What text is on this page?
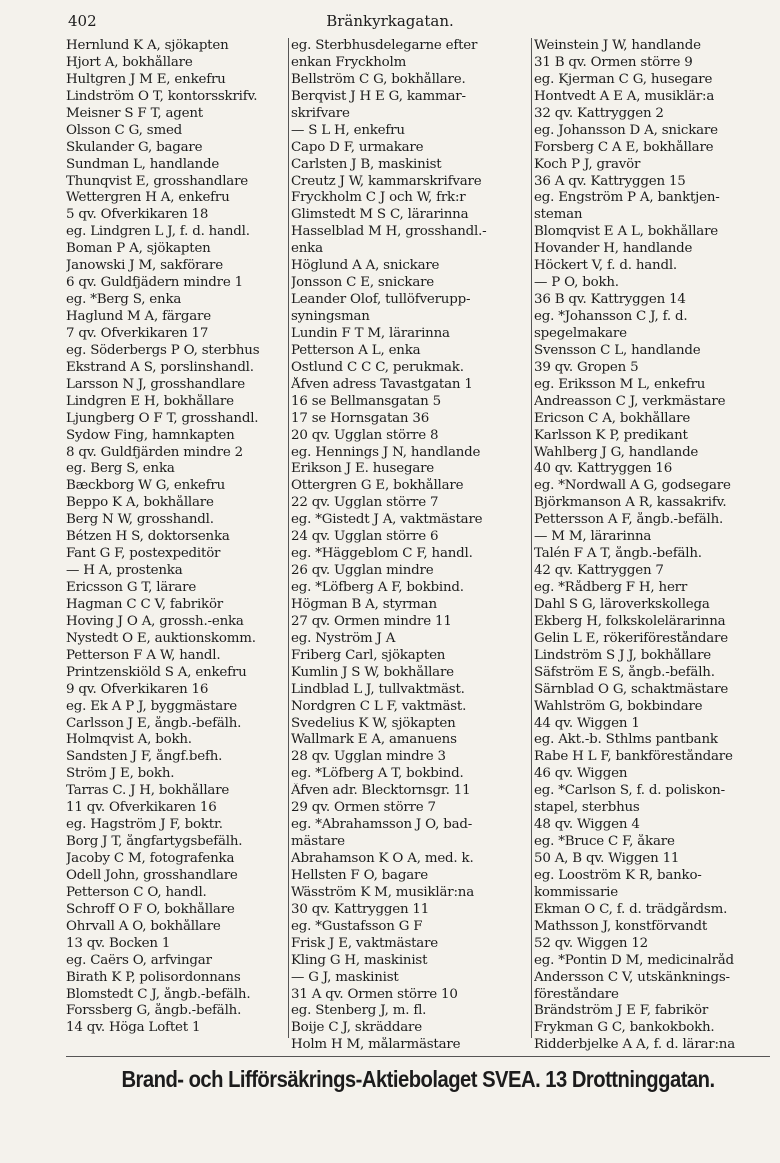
402	Bränkyrkagatan.
Hernlund K A, sjökapten
Hjort A, bokhållare
Hultgren J M E, enkefru
Lindström O T, kontorsskrifv.
Meisner S F T, agent
Olsson C G, smed
Skulander G, bagare
Sundman L, handlande
Thunqvist E, grosshandlare
Wettergren H A, enkefru
5 qv. Öfverkikaren 18
eg. Lindgren L J, f. d. handl.
Boman P A, sjökapten
Janowski J M, sakförare
6 qv. Guldfjädern mindre 1
eg. *Berg S, enka
Haglund M A, färgare
7 qv. Öfverkikaren 17
eg. Söderbergs P O, sterbhus
Ekstrand A S, porslinshandl.
Larsson N J, grosshandlare
Lindgren E H, bokhållare
Ljungberg O F T, grosshandl.
Sydow Fing, hamnkapten
8 qv. Guldfjärden mindre 2
eg. Berg S, enka
Bæckborg W G, enkefru
Beppo K A, bokhållare
Berg N W, grosshandl.
Bétzen H S, doktorsenka
Fant G F, postexpeditör
— H A, prostenka
Ericsson G T, lärare
Hagman C C V, fabrikör
Hoving J O A, grossh.-enka
Nystedt O E, auktionskomm.
Petterson F A W, handl.
Printzenskiöld S A, enkefru
9 qv. Öfverkikaren 16
eg. Ek A P J, byggmästare
Carlsson J E, ångb.-befälh.
Holmqvist A, bokh.
Sandsten J F, ångf.befh.
Ström J E, bokh.
Tarras C. J H, bokhållare
11 qv. Öfverkikaren 16
eg. Hagström J F, boktr.
Borg J T, ångfartygsbefälh.
Jacoby C M, fotografenka
Odell John, grosshandlare
Petterson C O, handl.
Schroff O F O, bokhållare
Öhrvall A O, bokhållare
13 qv. Bocken 1
eg. Caërs O, arfvingar
Birath K P, polisordonnans
Blomstedt C J, ångb.-befälh.
Forssberg G, ångb.-befälh.
14 qv. Höga Loftet 1
eg. Sterbhusdelegarne efter
enkan Fryckholm
Bellström C G, bokhållare.
Berqvist J H E G, kammar-
skrifvare
— S L H, enkefru
Capo D F, urmakare
Carlsten J B, maskinist
Creutz J W, kammarskrifvare
Fryckholm C J och W, frk:r
Glimstedt M S C, lärarinna
Hasselblad M H, grosshandl.-
enka
Höglund A A, snickare
Jonsson C E, snickare
Leander Olof, tullöfverupp-
syningsman
Lundin F T M, lärarinna
Petterson A L, enka
Östlund C C C, perukmak.
Åfven adress Tavastgatan 1
16 se Bellmansgatan 5
17 se Hornsgatan 36
20 qv. Ugglan större 8
eg. Hennings J N, handlande
Erikson J E. husegare
Ottergren G E, bokhållare
22 qv. Ugglan större 7
eg. *Gistedt J A, vaktmästare
24 qv. Ugglan större 6
eg. *Häggeblom C F, handl.
26 qv. Ugglan mindre
eg. *Löfberg A F, bokbind.
Högman B A, styrman
27 qv. Ormen mindre 11
eg. Nyström J A
Friberg Carl, sjökapten
Kumlin J S W, bokhållare
Lindblad L J, tullvaktmäst.
Nordgren C L F, vaktmäst.
Svedelius K W, sjökapten
Wallmark E A, amanuens
28 qv. Ugglan mindre 3
eg. *Löfberg A T, bokbind.
Äfven adr. Blecktornsgr. 11
29 qv. Ormen större 7
eg. *Abrahamsson J O, bad-
mästare
Abrahamson K O A, med. k.
Hellsten F O, bagare
Wäsström K M, musiklär:na
30 qv. Kattryggen 11
eg. *Gustafsson G F
Frisk J E, vaktmästare
Kling G H, maskinist
— G J, maskinist
31 A qv. Ormen större 10
eg. Stenberg J, m. fl.
Boije C J, skräddare
Holm H M, målarmästare
Weinstein J W, handlande
31 B qv. Ormen större 9
eg. Kjerman C G, husegare
Hontvedt A E A, musiklär:a
32 qv. Kattryggen 2
eg. Johansson D A, snickare
Forsberg C A E, bokhållare
Koch P J, gravör
36 A qv. Kattryggen 15
eg. Engström P A, banktjen-
steman
Blomqvist E A L, bokhållare
Hovander H, handlande
Höckert V, f. d. handl.
— P O, bokh.
36 B qv. Kattryggen 14
eg. *Johansson C J, f. d.
spegelmakare
Svensson C L, handlande
39 qv. Gropen 5
eg. Eriksson M L, enkefru
Andreasson C J, verkmästare
Ericson C A, bokhållare
Karlsson K P, predikant
Wahlberg J G, handlande
40 qv. Kattryggen 16
eg. *Nordwall A G, godsegare
Björkmanson A R, kassakrifv.
Pettersson A F, ångb.-befälh.
— M M, lärarinna
Talén F A T, ångb.-befälh.
42 qv. Kattryggen 7
eg. *Rådberg F H, herr
Dahl S G, läroverkskollega
Ekberg H, folkskolelärarinna
Gelin L E, rökeriföreståndare
Lindström S J J, bokhållare
Säfström E S, ångb.-befälh.
Särnblad O G, schaktmästare
Wahlström G, bokbindare
44 qv. Wiggen 1
eg. Akt.-b. Sthlms pantbank
Rabe H L F, bankföreståndare
46 qv. Wiggen
eg. *Carlson S, f. d. poliskon-
stapel, sterbhus
48 qv. Wiggen 4
eg. *Bruce C F, åkare
50 A, B qv. Wiggen 11
eg. Looström K R, banko-
kommissarie
Ekman O C, f. d. trädgårdsm.
Mathsson J, konstförvandt
52 qv. Wiggen 12
eg. *Pontin D M, medicinalråd
Andersson C V, utskänknings-
föreståndare
Brändström J E F, fabrikör
Frykman G C, bankokbokh.
Ridderbjelke A A, f. d. lärar:na
Brand- och Lifförsäkrings-Aktiebolaget SVEA. 13 Drottninggatan.
